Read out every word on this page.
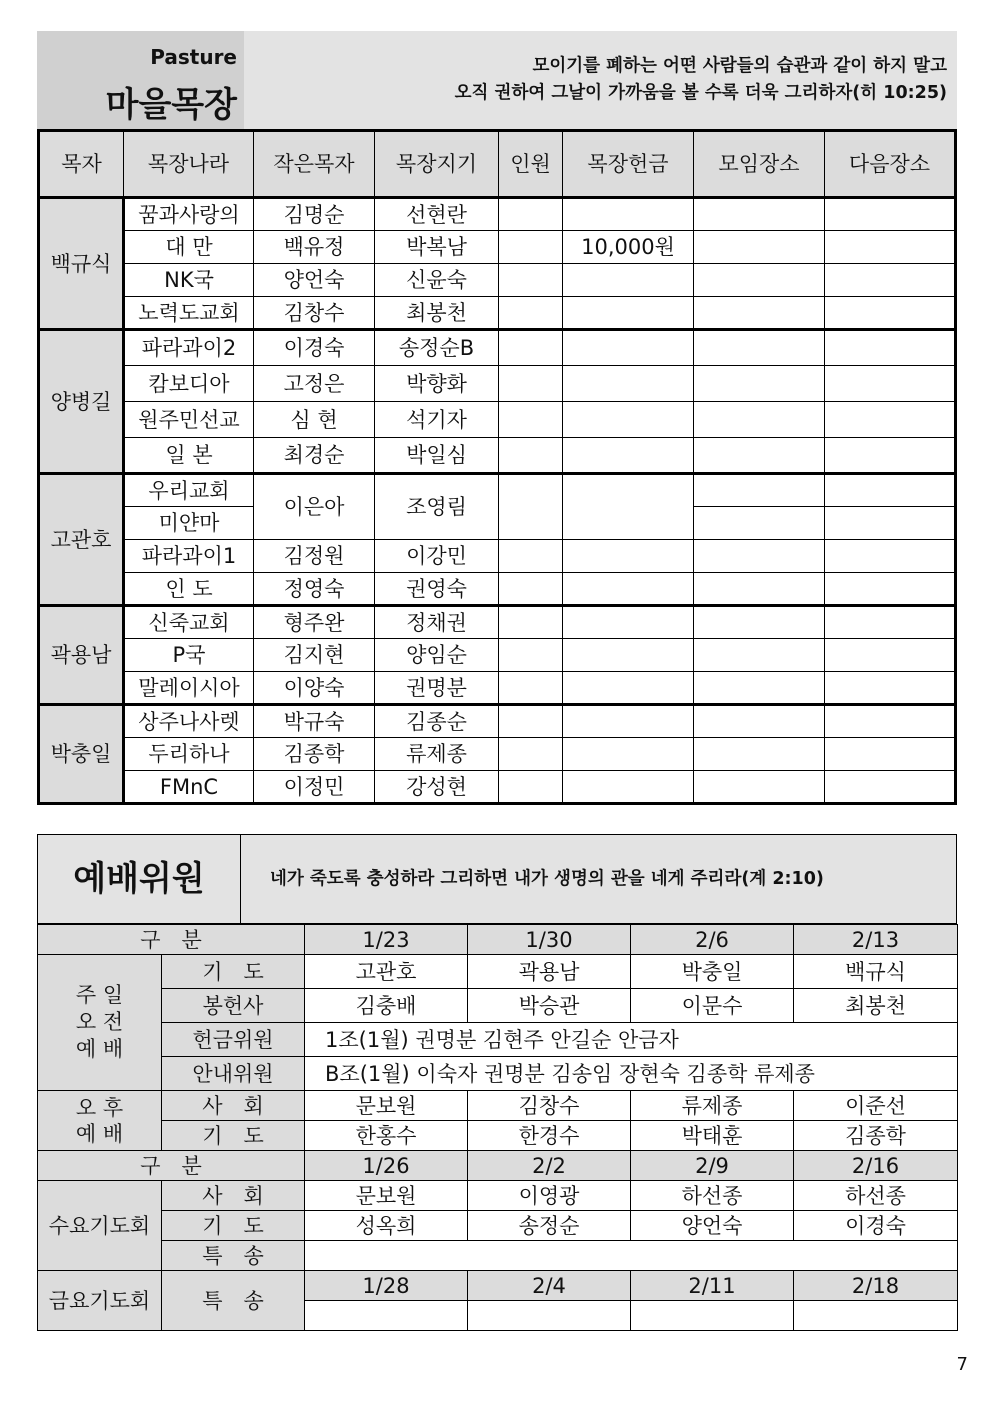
Pasture
마을목장
모이기를 폐하는 어떤 사람들의 습관과 같이 하지 말고
오직 권하여 그날이 가까움을 볼 수록 더욱 그리하자(히 10:25)
목자	목장나라	작은목자	목장지기	인원	목장헌금	모임장소	다음장소
백규식	꿈과사랑의	김명순	선현란				
	대 만	백유정	박복남		10,000원		
	NK국	양언숙	신윤숙				
	노력도교회	김창수	최봉천				
양병길	파라과이2	이경숙	송정순B				
	캄보디아	고정은	박향화				
	원주민선교	심 현	석기자				
	일 본	최경순	박일심				
고관호	우리교회	이은아	조영림				
	미얀마						
	파라과이1	김정원	이강민				
	인 도	정영숙	권영숙				
곽용남	신죽교회	형주완	정채권				
	P국	김지현	양임순				
	말레이시아	이양숙	권명분				
박충일	상주나사렛	박규숙	김종순				
	두리하나	김종학	류제종				
	FMnC	이정민	강성현				
예배위원	네가 죽도록 충성하라 그리하면 내가 생명의 관을 네게 주리라(계 2:10)
구　분		1/23	1/30	2/6	2/13
주 일
오 전
예 배	기　도	고관호	곽용남	박충일	백규식
	봉헌사	김충배	박승관	이문수	최봉천
	헌금위원	1조(1월) 권명분 김현주 안길순 안금자			
	안내위원	B조(1월) 이숙자 권명분 김송임 장현숙 김종학 류제종			
오 후
예 배	사　회	문보원	김창수	류제종	이준선
	기　도	한홍수	한경수	박태훈	김종학
구　분		1/26	2/2	2/9	2/16
수요기도회	사　회	문보원	이영광	하선종	하선종
	기　도	성옥희	송정순	양언숙	이경숙
	특　송				
금요기도회	특　송	1/28	2/4	2/11	2/18

7
